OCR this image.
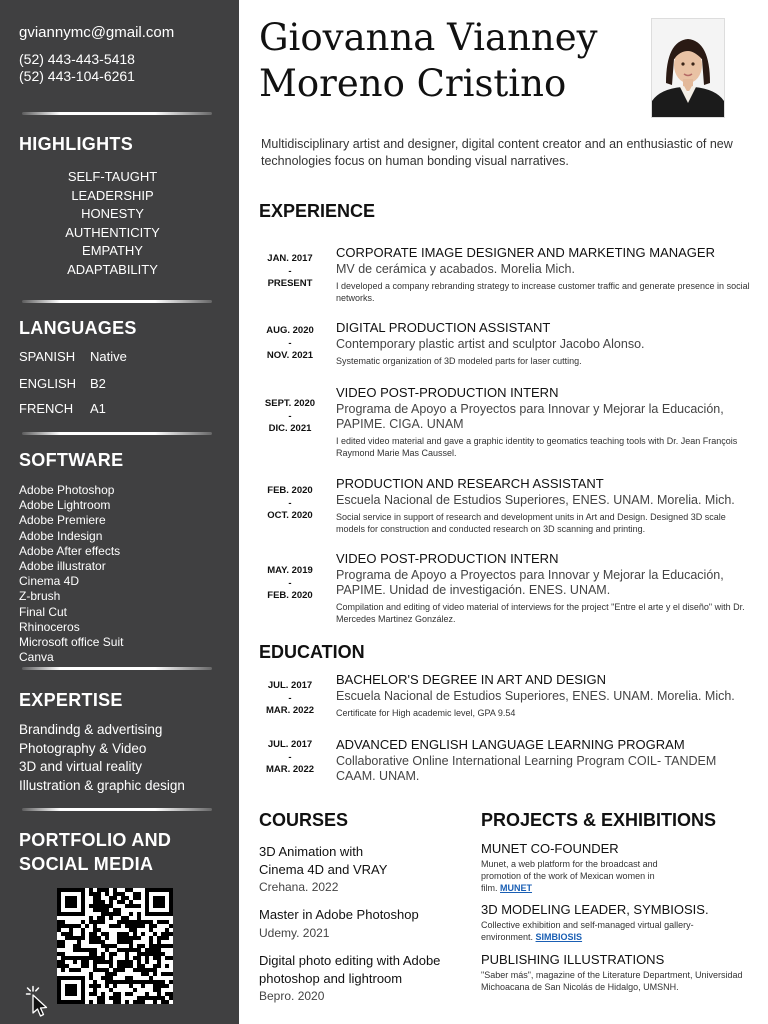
gviannymc@gmail.com
(52) 443-443-5418
(52) 443-104-6261
HIGHLIGHTS
SELF-TAUGHT
LEADERSHIP
HONESTY
AUTHENTICITY
EMPATHY
ADAPTABILITY
LANGUAGES
SPANISH Native
ENGLISH B2
FRENCH A1
SOFTWARE
Adobe Photoshop
Adobe Lightroom
Adobe Premiere
Adobe Indesign
Adobe After effects
Adobe illustrator
Cinema 4D
Z-brush
Final Cut
Rhinoceros
Microsoft office Suit
Canva
EXPERTISE
Brandindg & advertising
Photography & Video
3D and virtual reality
Illustration & graphic design
PORTFOLIO AND
SOCIAL MEDIA
Giovanna Vianney
Moreno Cristino
Multidisciplinary artist and designer, digital content creator and an enthusiastic of new technologies focus on human bonding visual narratives.
EXPERIENCE
JAN. 2017
-
PRESENT
CORPORATE IMAGE DESIGNER AND MARKETING MANAGER
MV de cerámica y acabados. Morelia Mich.
I developed a company rebranding strategy to increase customer traffic and generate presence in social networks.
AUG. 2020
-
NOV. 2021
DIGITAL PRODUCTION ASSISTANT
Contemporary plastic artist and sculptor Jacobo Alonso.
Systematic organization of 3D modeled parts for laser cutting.
SEPT. 2020
-
DIC. 2021
VIDEO POST-PRODUCTION INTERN
Programa de Apoyo a Proyectos para Innovar y Mejorar la Educación, PAPIME. CIGA. UNAM
I edited video material and gave a graphic identity to geomatics teaching tools with Dr. Jean François Raymond Marie Mas Caussel.
FEB. 2020
-
OCT. 2020
PRODUCTION AND RESEARCH ASSISTANT
Escuela Nacional de Estudios Superiores, ENES. UNAM. Morelia. Mich.
Social service in support of research and development units in Art and Design. Designed 3D scale models for construction and conducted research on 3D scanning and printing.
MAY. 2019
-
FEB. 2020
VIDEO POST-PRODUCTION INTERN
Programa de Apoyo a Proyectos para Innovar y Mejorar la Educación, PAPIME. Unidad de investigación. ENES. UNAM.
Compilation and editing of video material of interviews for the project "Entre el arte y el diseño" with Dr. Mercedes Martinez González.
EDUCATION
JUL. 2017
-
MAR. 2022
BACHELOR'S DEGREE IN ART AND DESIGN
Escuela Nacional de Estudios Superiores, ENES. UNAM. Morelia. Mich.
Certificate for High academic level, GPA 9.54
JUL. 2017
-
MAR. 2022
ADVANCED ENGLISH LANGUAGE LEARNING PROGRAM
Collaborative Online International Learning Program COIL- TANDEM CAAM. UNAM.
COURSES
3D Animation with Cinema 4D and VRAY
Crehana. 2022
Master in Adobe Photoshop
Udemy. 2021
Digital photo editing with Adobe photoshop and lightroom
Bepro. 2020
PROJECTS & EXHIBITIONS
MUNET CO-FOUNDER
Munet, a web platform for the broadcast and promotion of the work of Mexican women in film. MUNET
3D MODELING LEADER, SYMBIOSIS.
Collective exhibition and self-managed virtual gallery-environment. SIMBIOSIS
PUBLISHING ILLUSTRATIONS
"Saber más", magazine of the Literature Department, Universidad Michoacana de San Nicolás de Hidalgo, UMSNH.
